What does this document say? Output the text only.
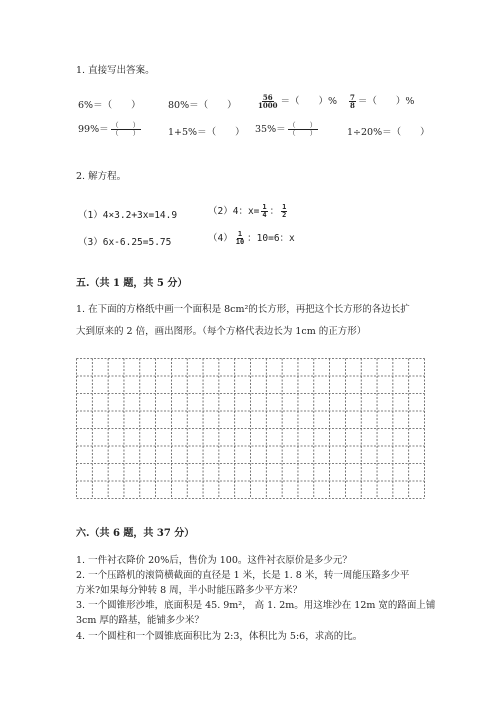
1. 直接写出答案。
6%＝（　　）	80%＝（　　）	$\frac{56}{1000}$ ＝（　　）% $\frac{7}{8}$ ＝（　　）%
$99\%= \frac{( )}{( )}$	1+5%＝（　　） $35\%= \frac{( )}{( )}$	1÷20%＝（　　）
2. 解方程。
（1）4×3.2+3x=14.9	（2）4：$x= \frac{1}{4}$ ： $\frac{1}{2}$
（3）6x-6.25=5.75	$(4) \frac{1}{10}$ ：10=6：x
五.（共 1 题，共 5 分）
1. 在下面的方格纸中画一个面积是 8cm²的长方形，再把这个长方形的各边长扩
大到原来的 2 倍，画出图形。（每个方格代表边长为 1cm 的正方形）
六.（共 6 题，共 37 分）
1. 一件衬衣降价 20%后，售价为 100。这件衬衣原价是多少元？
2. 一个压路机的滚筒横截面的直径是 1 米，长是 1. 8 米，转一周能压路多少平
方米?如果每分钟转 8 周，半小时能压路多少平方米？
3. 一个圆锥形沙堆，底面积是 45. 9m²， 高 1. 2m。用这堆沙在 12m 宽的路面上铺
3cm 厚的路基，能铺多少米？
4. 一个圆柱和一个圆锥底面积比为 2:3，体积比为 5:6，求高的比。
